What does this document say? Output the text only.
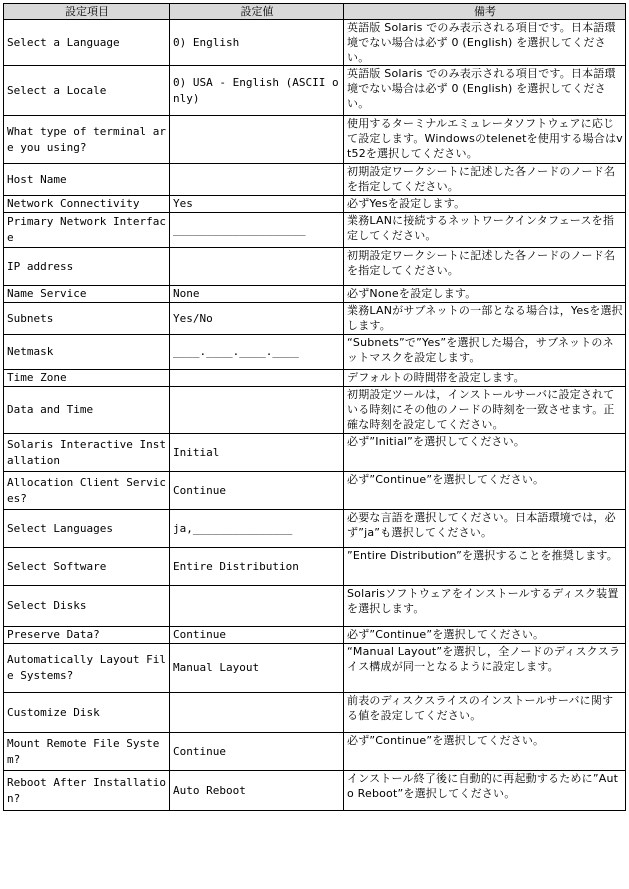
設定項目	設定値	備考
Select a Language	0) English	英語版 Solaris でのみ表示される項目です。日本語環境でない場合は必ず 0 (English) を選択してください。
Select a Locale	0) USA - English (ASCII only)	英語版 Solaris でのみ表示される項目です。日本語環境でない場合は必ず 0 (English) を選択してください。
What type of terminal are you using?		使用するターミナルエミュレータソフトウェアに応じて設定します。Windowsのtelenetを使用する場合はvt52を選択してください。
Host Name		初期設定ワークシートに記述した各ノードのノード名を指定してください。
Network Connectivity	Yes	必ずYesを設定します。
Primary Network Interface	____________________	業務LANに接続するネットワークインタフェースを指定してください。
IP address		初期設定ワークシートに記述した各ノードのノード名を指定してください。
Name Service	None	必ずNoneを設定します。
Subnets	Yes/No	業務LANがサブネットの一部となる場合は，Yesを選択します。
Netmask	____.____.____.____	“Subnets”で”Yes”を選択した場合，サブネットのネットマスクを設定します。
Time Zone		デフォルトの時間帯を設定します。
Data and Time		初期設定ツールは，インストールサーバに設定されている時刻にその他のノードの時刻を一致させます。正確な時刻を設定してください。
Solaris Interactive Installation	Initial	必ず”Initial”を選択してください。
Allocation Client Services?	Continue	必ず”Continue”を選択してください。
Select Languages	ja,_______________	必要な言語を選択してください。日本語環境では，必ず”ja”も選択してください。
Select Software	Entire Distribution	”Entire Distribution”を選択することを推奨します。
Select Disks		Solarisソフトウェアをインストールするディスク装置を選択します。
Preserve Data?	Continue	必ず”Continue”を選択してください。
Automatically Layout File Systems?	Manual Layout	“Manual Layout”を選択し，全ノードのディスクスライス構成が同一となるように設定します。
Customize Disk		前表のディスクスライスのインストールサーバに関する値を設定してください。
Mount Remote File System?	Continue	必ず”Continue”を選択してください。
Reboot After Installation?	Auto Reboot	インストール終了後に自動的に再起動するために”Auto Reboot”を選択してください。
